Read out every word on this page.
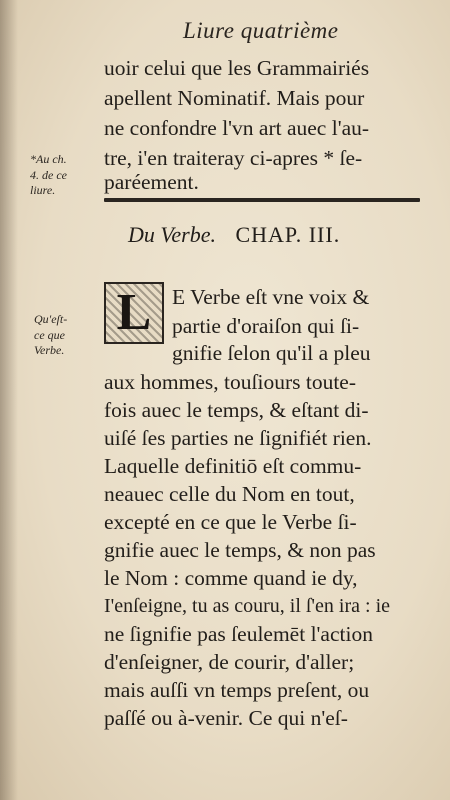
Liure quatrième
uoir celui que les Grammairiés
apellent Nominatif. Mais pour
ne confondre l'vn art auec l'au-
tre, i'en traiteray ci-apres * ſe-
paréement.
*Au ch.
4. de ce
liure.
Du Verbe. CHAP. III.
Qu'eſt-
ce que
Verbe.
L E Verbe eſt vne voix &
partie d'oraiſon qui ſi-
gnifie ſelon qu'il a pleu
aux hommes, touſiours toute-
fois auec le temps, & eſtant di-
uiſé ſes parties ne ſignifiét rien.
Laquelle definitiō eſt commu-
neauec celle du Nom en tout,
excepté en ce que le Verbe ſi-
gnifie auec le temps, & non pas
le Nom : comme quand ie dy,
I'enſeigne, tu as couru, il ſ'en ira : ie
ne ſignifie pas ſeulemēt l'action
d'enſeigner, de courir, d'aller;
mais auſſi vn temps preſent, ou
paſſé ou à-venir. Ce qui n'eſ-
